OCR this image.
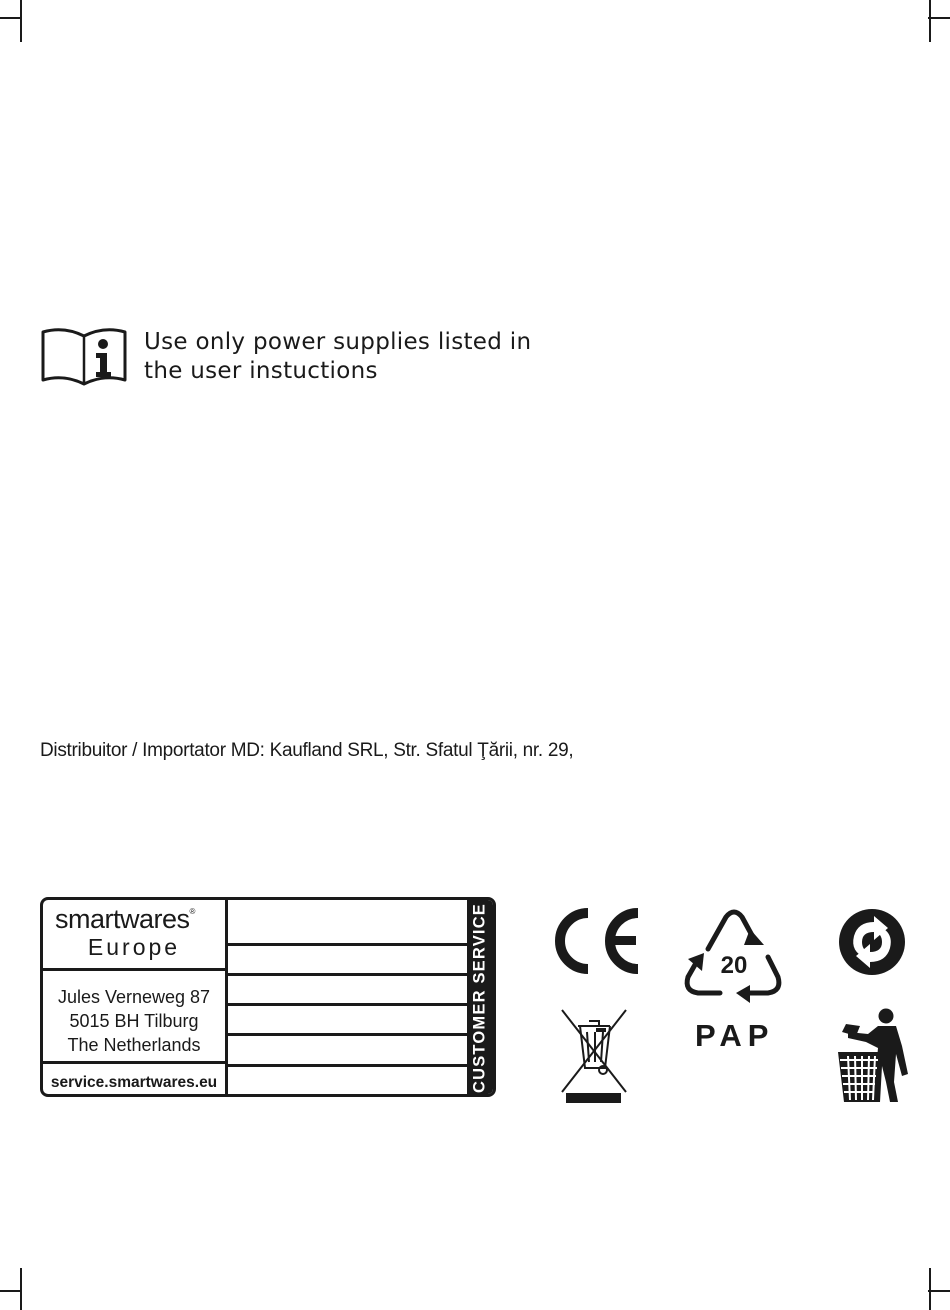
Use only power supplies listed in
the user instuctions
Distribuitor / Importator MD: Kaufland SRL, Str. Sfatul Ţării, nr. 29,
smartwares®
Europe
Jules Verneweg 87
5015 BH Tilburg
The Netherlands
service.smartwares.eu	CUSTOMER SERVICE	20
PAP
